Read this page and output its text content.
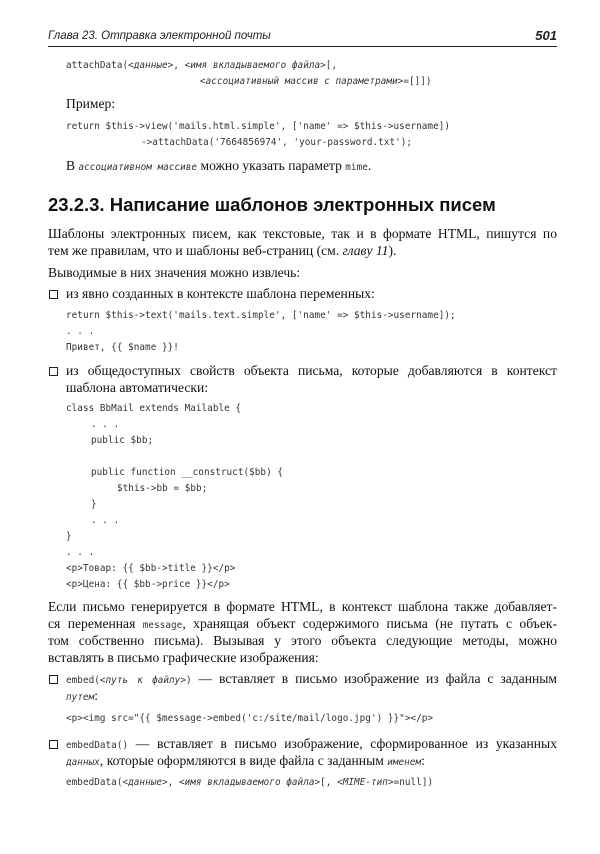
Глава 23. Отправка электронной почты	501
attachData(<данные>, <имя вкладываемого файла>[,
<ассоциативный массив с параметрами>=[]])
Пример:
return $this->view('mails.html.simple', ['name' => $this->username])
->attachData('7664856974', 'your-password.txt');
В ассоциативном массиве можно указать параметр mime.
23.2.3. Написание шаблонов электронных писем
Шаблоны электронных писем, как текстовые, так и в формате HTML, пишутся по
тем же правилам, что и шаблоны веб-страниц (см. главу 11).
Выводимые в них значения можно извлечь:
из явно созданных в контексте шаблона переменных:
return $this->text('mails.text.simple', ['name' => $this->username]);
. . .
Привет, {{ $name }}!
из общедоступных свойств объекта письма, которые добавляются в контекст
шаблона автоматически:
class BbMail extends Mailable {
. . .
public $bb;
public function __construct($bb) {
$this->bb = $bb;
}
. . .
}
. . .
<p>Товар: {{ $bb->title }}</p>
<p>Цена: {{ $bb->price }}</p>
Если письмо генерируется в формате HTML, в контекст шаблона также добавляет-
ся переменная message, хранящая объект содержимого письма (не путать с объек-
том собственно письма). Вызывая у этого объекта следующие методы, можно
вставлять в письмо графические изображения:
embed(<путь к файлу>) — вставляет в письмо изображение из файла с заданным
путем:
<p><img src="{{ $message->embed('c:/site/mail/logo.jpg') }}"></p>
embedData() — вставляет в письмо изображение, сформированное из указанных
данных, которые оформляются в виде файла с заданным именем:
embedData(<данные>, <имя вкладываемого файла>[, <MIME-тип>=null])
